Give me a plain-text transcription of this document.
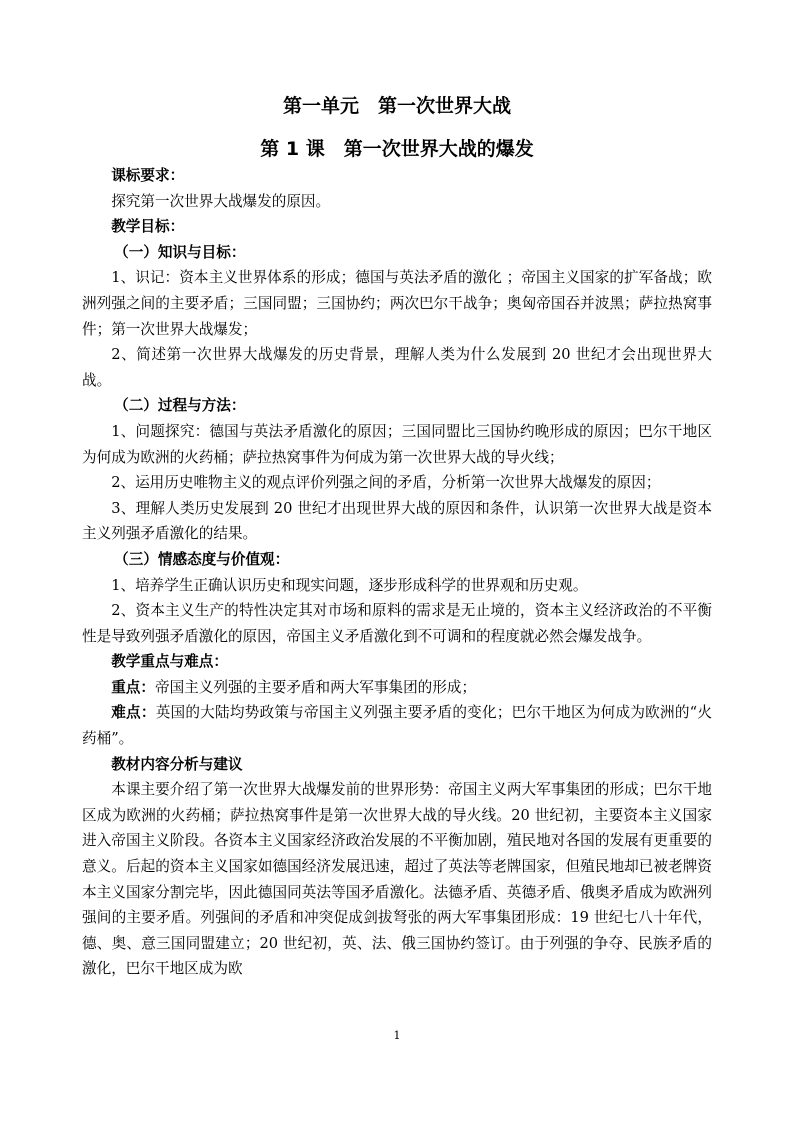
第一单元　第一次世界大战
第 1 课　第一次世界大战的爆发

课标要求：

探究第一次世界大战爆发的原因。

教学目标：

（一）知识与目标：

1、识记：资本主义世界体系的形成；德国与英法矛盾的激化 ；帝国主义国家的扩军备战；欧洲列强之间的主要矛盾；三国同盟；三国协约；两次巴尔干战争；奥匈帝国吞并波黑；萨拉热窝事件；第一次世界大战爆发；

2、简述第一次世界大战爆发的历史背景，理解人类为什么发展到 20 世纪才会出现世界大战。

（二）过程与方法：

1、问题探究：德国与英法矛盾激化的原因；三国同盟比三国协约晚形成的原因；巴尔干地区为何成为欧洲的火药桶；萨拉热窝事件为何成为第一次世界大战的导火线；

2、运用历史唯物主义的观点评价列强之间的矛盾，分析第一次世界大战爆发的原因；

3、理解人类历史发展到 20 世纪才出现世界大战的原因和条件，认识第一次世界大战是资本主义列强矛盾激化的结果。

（三）情感态度与价值观：

1、培养学生正确认识历史和现实问题，逐步形成科学的世界观和历史观。

2、资本主义生产的特性决定其对市场和原料的需求是无止境的，资本主义经济政治的不平衡性是导致列强矛盾激化的原因，帝国主义矛盾激化到不可调和的程度就必然会爆发战争。

教学重点与难点：

重点：帝国主义列强的主要矛盾和两大军事集团的形成；

难点：英国的大陆均势政策与帝国主义列强主要矛盾的变化；巴尔干地区为何成为欧洲的“火药桶”。

教材内容分析与建议

本课主要介绍了第一次世界大战爆发前的世界形势：帝国主义两大军事集团的形成；巴尔干地区成为欧洲的火药桶；萨拉热窝事件是第一次世界大战的导火线。20 世纪初，主要资本主义国家进入帝国主义阶段。各资本主义国家经济政治发展的不平衡加剧，殖民地对各国的发展有更重要的意义。后起的资本主义国家如德国经济发展迅速，超过了英法等老牌国家，但殖民地却已被老牌资本主义国家分割完毕，因此德国同英法等国矛盾激化。法德矛盾、英德矛盾、俄奥矛盾成为欧洲列强间的主要矛盾。列强间的矛盾和冲突促成剑拔弩张的两大军事集团形成：19 世纪七八十年代，德、奥、意三国同盟建立；20 世纪初，英、法、俄三国协约签订。由于列强的争夺、民族矛盾的激化，巴尔干地区成为欧

1
